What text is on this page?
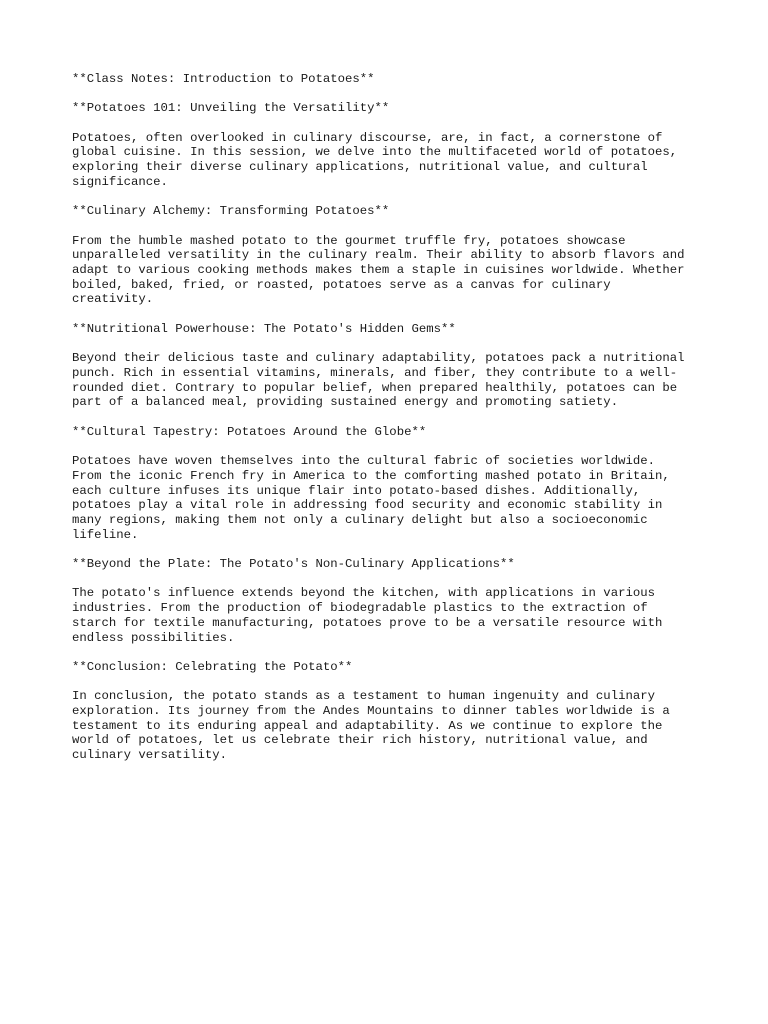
**Class Notes: Introduction to Potatoes**

**Potatoes 101: Unveiling the Versatility**

Potatoes, often overlooked in culinary discourse, are, in fact, a cornerstone of
global cuisine. In this session, we delve into the multifaceted world of potatoes,
exploring their diverse culinary applications, nutritional value, and cultural
significance.

**Culinary Alchemy: Transforming Potatoes**

From the humble mashed potato to the gourmet truffle fry, potatoes showcase
unparalleled versatility in the culinary realm. Their ability to absorb flavors and
adapt to various cooking methods makes them a staple in cuisines worldwide. Whether
boiled, baked, fried, or roasted, potatoes serve as a canvas for culinary
creativity.

**Nutritional Powerhouse: The Potato's Hidden Gems**

Beyond their delicious taste and culinary adaptability, potatoes pack a nutritional
punch. Rich in essential vitamins, minerals, and fiber, they contribute to a well-
rounded diet. Contrary to popular belief, when prepared healthily, potatoes can be
part of a balanced meal, providing sustained energy and promoting satiety.

**Cultural Tapestry: Potatoes Around the Globe**

Potatoes have woven themselves into the cultural fabric of societies worldwide.
From the iconic French fry in America to the comforting mashed potato in Britain,
each culture infuses its unique flair into potato-based dishes. Additionally,
potatoes play a vital role in addressing food security and economic stability in
many regions, making them not only a culinary delight but also a socioeconomic
lifeline.

**Beyond the Plate: The Potato's Non-Culinary Applications**

The potato's influence extends beyond the kitchen, with applications in various
industries. From the production of biodegradable plastics to the extraction of
starch for textile manufacturing, potatoes prove to be a versatile resource with
endless possibilities.

**Conclusion: Celebrating the Potato**

In conclusion, the potato stands as a testament to human ingenuity and culinary
exploration. Its journey from the Andes Mountains to dinner tables worldwide is a
testament to its enduring appeal and adaptability. As we continue to explore the
world of potatoes, let us celebrate their rich history, nutritional value, and
culinary versatility.
